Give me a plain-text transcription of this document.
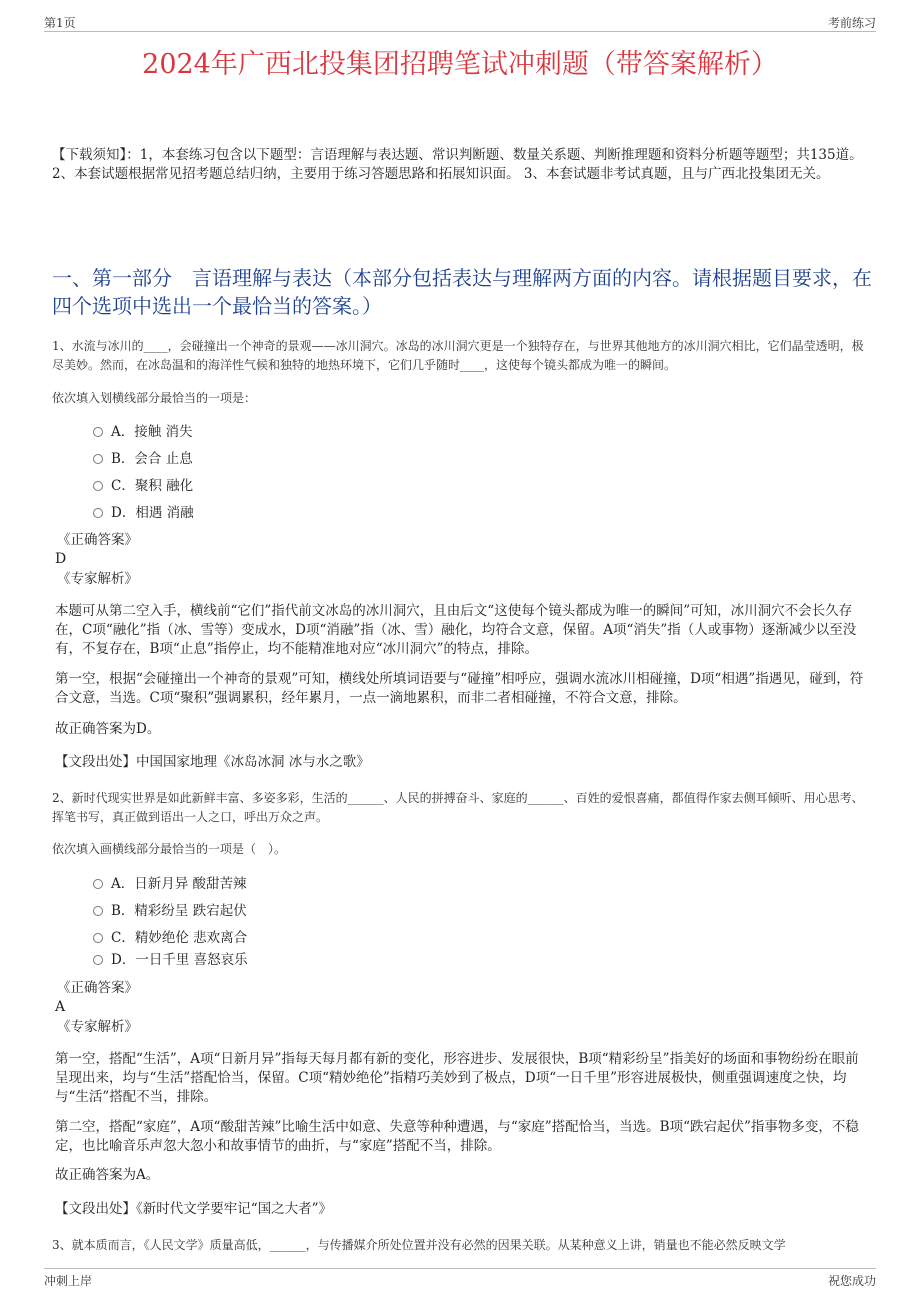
第1页	考前练习
2024年广西北投集团招聘笔试冲刺题（带答案解析）
【下载须知】：1，本套练习包含以下题型：言语理解与表达题、常识判断题、数量关系题、判断推理题和资料分析题等题型；共135道。 2、本套试题根据常见招考题总结归纳，主要用于练习答题思路和拓展知识面。 3、本套试题非考试真题，且与广西北投集团无关。
一、第一部分　言语理解与表达（本部分包括表达与理解两方面的内容。请根据题目要求，在四个选项中选出一个最恰当的答案。）
1、水流与冰川的____，会碰撞出一个神奇的景观——冰川洞穴。冰岛的冰川洞穴更是一个独特存在，与世界其他地方的冰川洞穴相比，它们晶莹透明，极尽美妙。然而，在冰岛温和的海洋性气候和独特的地热环境下，它们几乎随时____，这使每个镜头都成为唯一的瞬间。
依次填入划横线部分最恰当的一项是：
A．接触 消失
B．会合 止息
C．聚积 融化
D．相遇 消融
《正确答案》
D
《专家解析》
本题可从第二空入手，横线前“它们”指代前文冰岛的冰川洞穴，且由后文“这使每个镜头都成为唯一的瞬间”可知，冰川洞穴不会长久存在，C项“融化”指（冰、雪等）变成水，D项“消融”指（冰、雪）融化，均符合文意，保留。A项“消失”指（人或事物）逐渐减少以至没有，不复存在，B项“止息”指停止，均不能精准地对应“冰川洞穴”的特点，排除。
第一空，根据“会碰撞出一个神奇的景观”可知，横线处所填词语要与“碰撞”相呼应，强调水流冰川相碰撞，D项“相遇”指遇见，碰到，符合文意，当选。C项“聚积”强调累积，经年累月，一点一滴地累积，而非二者相碰撞，不符合文意，排除。
故正确答案为D。
【文段出处】中国国家地理《冰岛冰洞 冰与水之歌》
2、新时代现实世界是如此新鲜丰富、多姿多彩，生活的______、人民的拼搏奋斗、家庭的______、百姓的爱恨喜痛，都值得作家去侧耳倾听、用心思考、挥笔书写，真正做到语出一人之口，呼出万众之声。
依次填入画横线部分最恰当的一项是（　）。
A．日新月异 酸甜苦辣
B．精彩纷呈 跌宕起伏
C．精妙绝伦 悲欢离合
D．一日千里 喜怒哀乐
《正确答案》
A
《专家解析》
第一空，搭配“生活”，A项“日新月异”指每天每月都有新的变化，形容进步、发展很快，B项“精彩纷呈”指美好的场面和事物纷纷在眼前呈现出来，均与“生活”搭配恰当，保留。C项“精妙绝伦”指精巧美妙到了极点，D项“一日千里”形容进展极快，侧重强调速度之快，均与“生活”搭配不当，排除。
第二空，搭配“家庭”，A项“酸甜苦辣”比喻生活中如意、失意等种种遭遇，与“家庭”搭配恰当，当选。B项“跌宕起伏”指事物多变，不稳定，也比喻音乐声忽大忽小和故事情节的曲折，与“家庭”搭配不当，排除。
故正确答案为A。
【文段出处】《新时代文学要牢记“国之大者”》
3、就本质而言，《人民文学》质量高低，______，与传播媒介所处位置并没有必然的因果关联。从某种意义上讲，销量也不能必然反映文学
冲刺上岸	祝您成功
